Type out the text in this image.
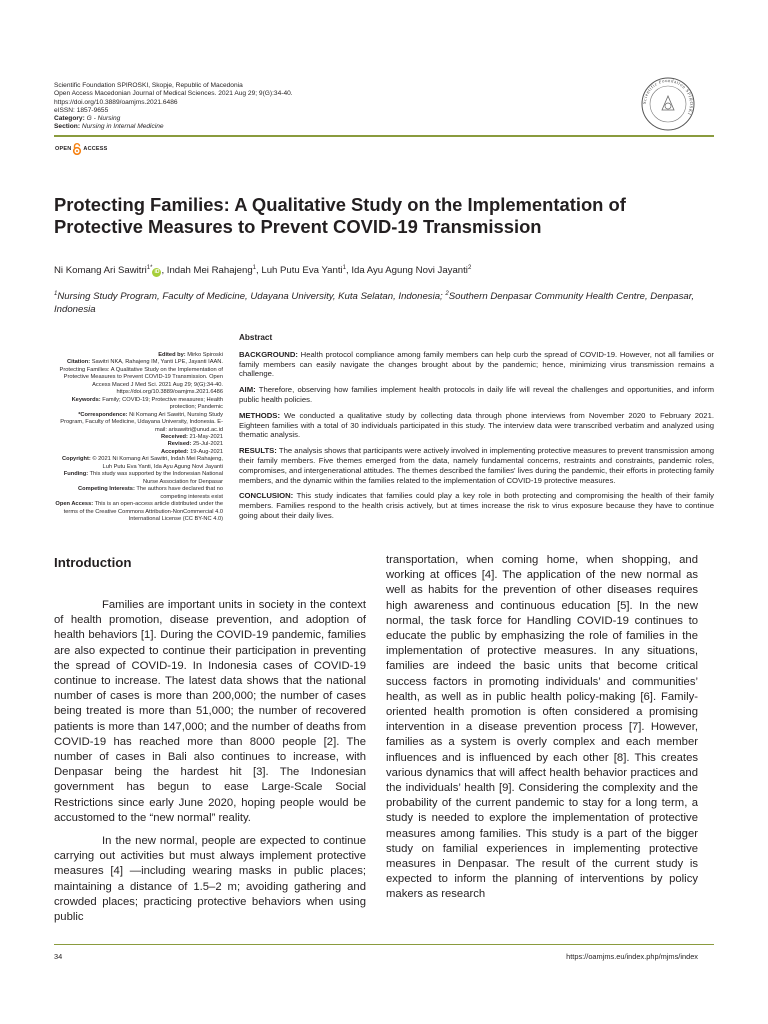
Scientific Foundation SPIROSKI, Skopje, Republic of Macedonia
Open Access Macedonian Journal of Medical Sciences. 2021 Aug 29; 9(G):34-40.
https://doi.org/10.3889/oamjms.2021.6486
eISSN: 1857-9655
Category: G - Nursing
Section: Nursing in Internal Medicine
Scientific Foundation SPIROSKI
OPEN ACCESS
Protecting Families: A Qualitative Study on the Implementation of Protective Measures to Prevent COVID-19 Transmission
Ni Komang Ari Sawitri$^{1*}$iD , Indah Mei Rahajeng$^1$, Luh Putu Eva Yanti$^1$, Ida Ayu Agung Novi Jayanti$^2$
$^1$Nursing Study Program, Faculty of Medicine, Udayana University, Kuta Selatan, Indonesia; $^2$Southern Denpasar Community Health Centre, Denpasar, Indonesia
Edited by: Mirko Spiroski
Citation: Sawitri NKA, Rahajeng IM, Yanti LPE, Jayanti IAAN. Protecting Families: A Qualitative Study on the Implementation of Protective Measures to Prevent COVID-19 Transmission. Open Access Maced J Med Sci. 2021 Aug 29; 9(G):34-40. https://doi.org/10.3889/oamjms.2021.6486
Keywords: Family; COVID-19; Protective measures; Health protection; Pandemic
*Correspondence: Ni Komang Ari Sawitri, Nursing Study Program, Faculty of Medicine, Udayana University, Indonesia. E-mail: arisawitri@unud.ac.id
Received: 21-May-2021
Revised: 25-Jul-2021
Accepted: 19-Aug-2021
Copyright: © 2021 Ni Komang Ari Sawitri, Indah Mei Rahajeng, Luh Putu Eva Yanti, Ida Ayu Agung Novi Jayanti
Funding: This study was supported by the Indonesian National Nurse Association for Denpasar
Competing Interests: The authors have declared that no competing interests exist
Open Access: This is an open-access article distributed under the terms of the Creative Commons Attribution-NonCommercial 4.0 International License (CC BY-NC 4.0)
Abstract

BACKGROUND: Health protocol compliance among family members can help curb the spread of COVID-19. However, not all families or family members can easily navigate the changes brought about by the pandemic; hence, minimizing virus transmission remains a challenge.

AIM: Therefore, observing how families implement health protocols in daily life will reveal the challenges and opportunities, and inform public health policies.

METHODS: We conducted a qualitative study by collecting data through phone interviews from November 2020 to February 2021. Eighteen families with a total of 30 individuals participated in this study. The interview data were transcribed verbatim and analyzed using thematic analysis.

RESULTS: The analysis shows that participants were actively involved in implementing protective measures to prevent transmission among their family members. Five themes emerged from the data, namely fundamental concerns, restraints and constraints, pandemic roles, compromises, and intergenerational attitudes. The themes described the families' lives during the pandemic, their efforts in protecting family members, and the dynamic within the families related to the implementation of COVID-19 protective measures.

CONCLUSION: This study indicates that families could play a key role in both protecting and compromising the health of their family members. Families respond to the health crisis actively, but at times increase the risk to virus exposure because they have to continue going about their daily lives.

Introduction

Families are important units in society in the context of health promotion, disease prevention, and adoption of health behaviors [1]. During the COVID-19 pandemic, families are also expected to continue their participation in preventing the spread of COVID-19. In Indonesia cases of COVID-19 continue to increase. The latest data shows that the national number of cases is more than 200,000; the number of cases being treated is more than 51,000; the number of recovered patients is more than 147,000; and the number of deaths from COVID-19 has reached more than 8000 people [2]. The number of cases in Bali also continues to increase, with Denpasar being the hardest hit [3]. The Indonesian government has begun to ease Large-Scale Social Restrictions since early June 2020, hoping people would be accustomed to the “new normal” reality.

In the new normal, people are expected to continue carrying out activities but must always implement protective measures [4] —including wearing masks in public places; maintaining a distance of 1.5–2 m; avoiding gathering and crowded places; practicing protective behaviors when using public

transportation, when coming home, when shopping, and working at offices [4]. The application of the new normal as well as habits for the prevention of other diseases requires high awareness and continuous education [5]. In the new normal, the task force for Handling COVID-19 continues to educate the public by emphasizing the role of families in the implementation of protective measures. In any situations, families are indeed the basic units that become critical success factors in promoting individuals’ and communities’ health, as well as in public health policy-making [6]. Family-oriented health promotion is often considered a promising intervention in a disease prevention process [7]. However, families as a system is overly complex and each member influences and is influenced by each other [8]. This creates various dynamics that will affect health behavior practices and the individuals’ health [9]. Considering the complexity and the probability of the current pandemic to stay for a long term, a study is needed to explore the implementation of protective measures among families. This study is a part of the bigger study on familial experiences in implementing protective measures in Denpasar. The result of the current study is expected to inform the planning of interventions by policy makers as research

34	https://oamjms.eu/index.php/mjms/index
